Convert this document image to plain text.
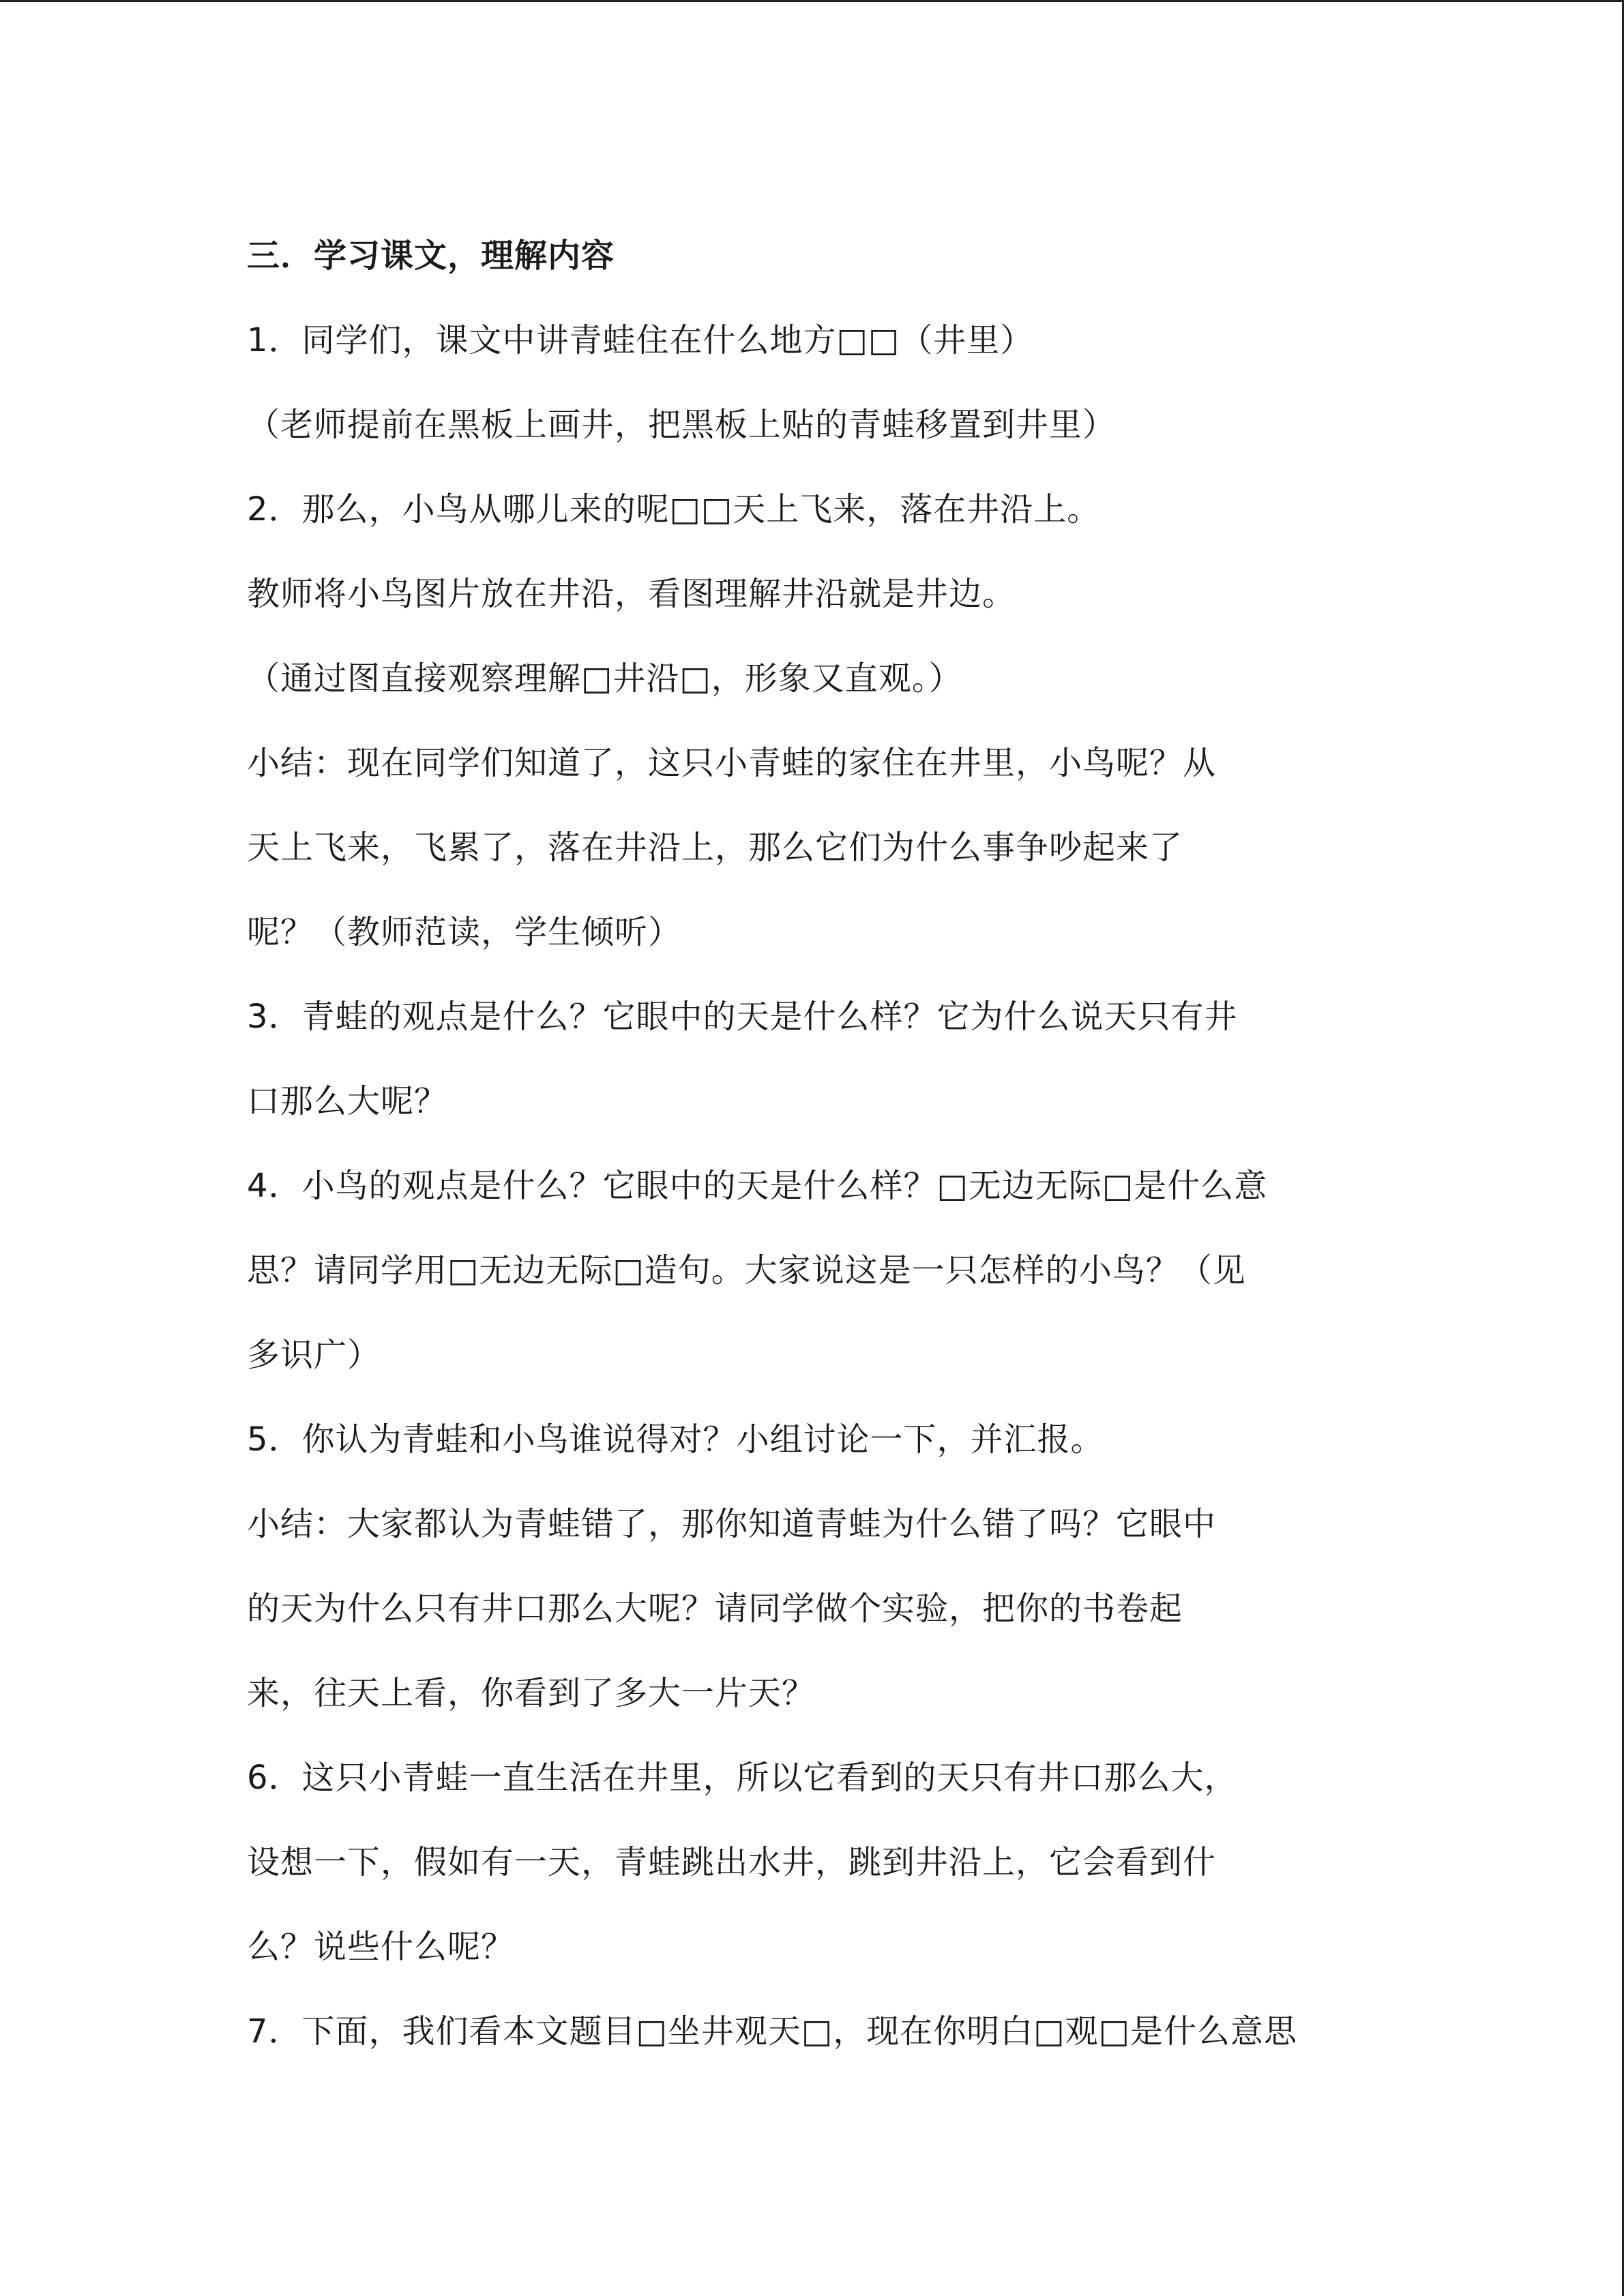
三．学习课文，理解内容
1．同学们，课文中讲青蛙住在什么地方□□（井里）
（老师提前在黑板上画井，把黑板上贴的青蛙移置到井里）
2．那么，小鸟从哪儿来的呢□□天上飞来，落在井沿上。
教师将小鸟图片放在井沿，看图理解井沿就是井边。
（通过图直接观察理解□井沿□，形象又直观。）
小结：现在同学们知道了，这只小青蛙的家住在井里，小鸟呢？从
天上飞来，飞累了，落在井沿上，那么它们为什么事争吵起来了
呢？（教师范读，学生倾听）
3．青蛙的观点是什么？它眼中的天是什么样？它为什么说天只有井
口那么大呢？
4．小鸟的观点是什么？它眼中的天是什么样？□无边无际□是什么意
思？请同学用□无边无际□造句。大家说这是一只怎样的小鸟？（见
多识广）
5．你认为青蛙和小鸟谁说得对？小组讨论一下，并汇报。
小结：大家都认为青蛙错了，那你知道青蛙为什么错了吗？它眼中
的天为什么只有井口那么大呢？请同学做个实验，把你的书卷起
来，往天上看，你看到了多大一片天？
6．这只小青蛙一直生活在井里，所以它看到的天只有井口那么大，
设想一下，假如有一天，青蛙跳出水井，跳到井沿上，它会看到什
么？说些什么呢？
7．下面，我们看本文题目□坐井观天□，现在你明白□观□是什么意思
